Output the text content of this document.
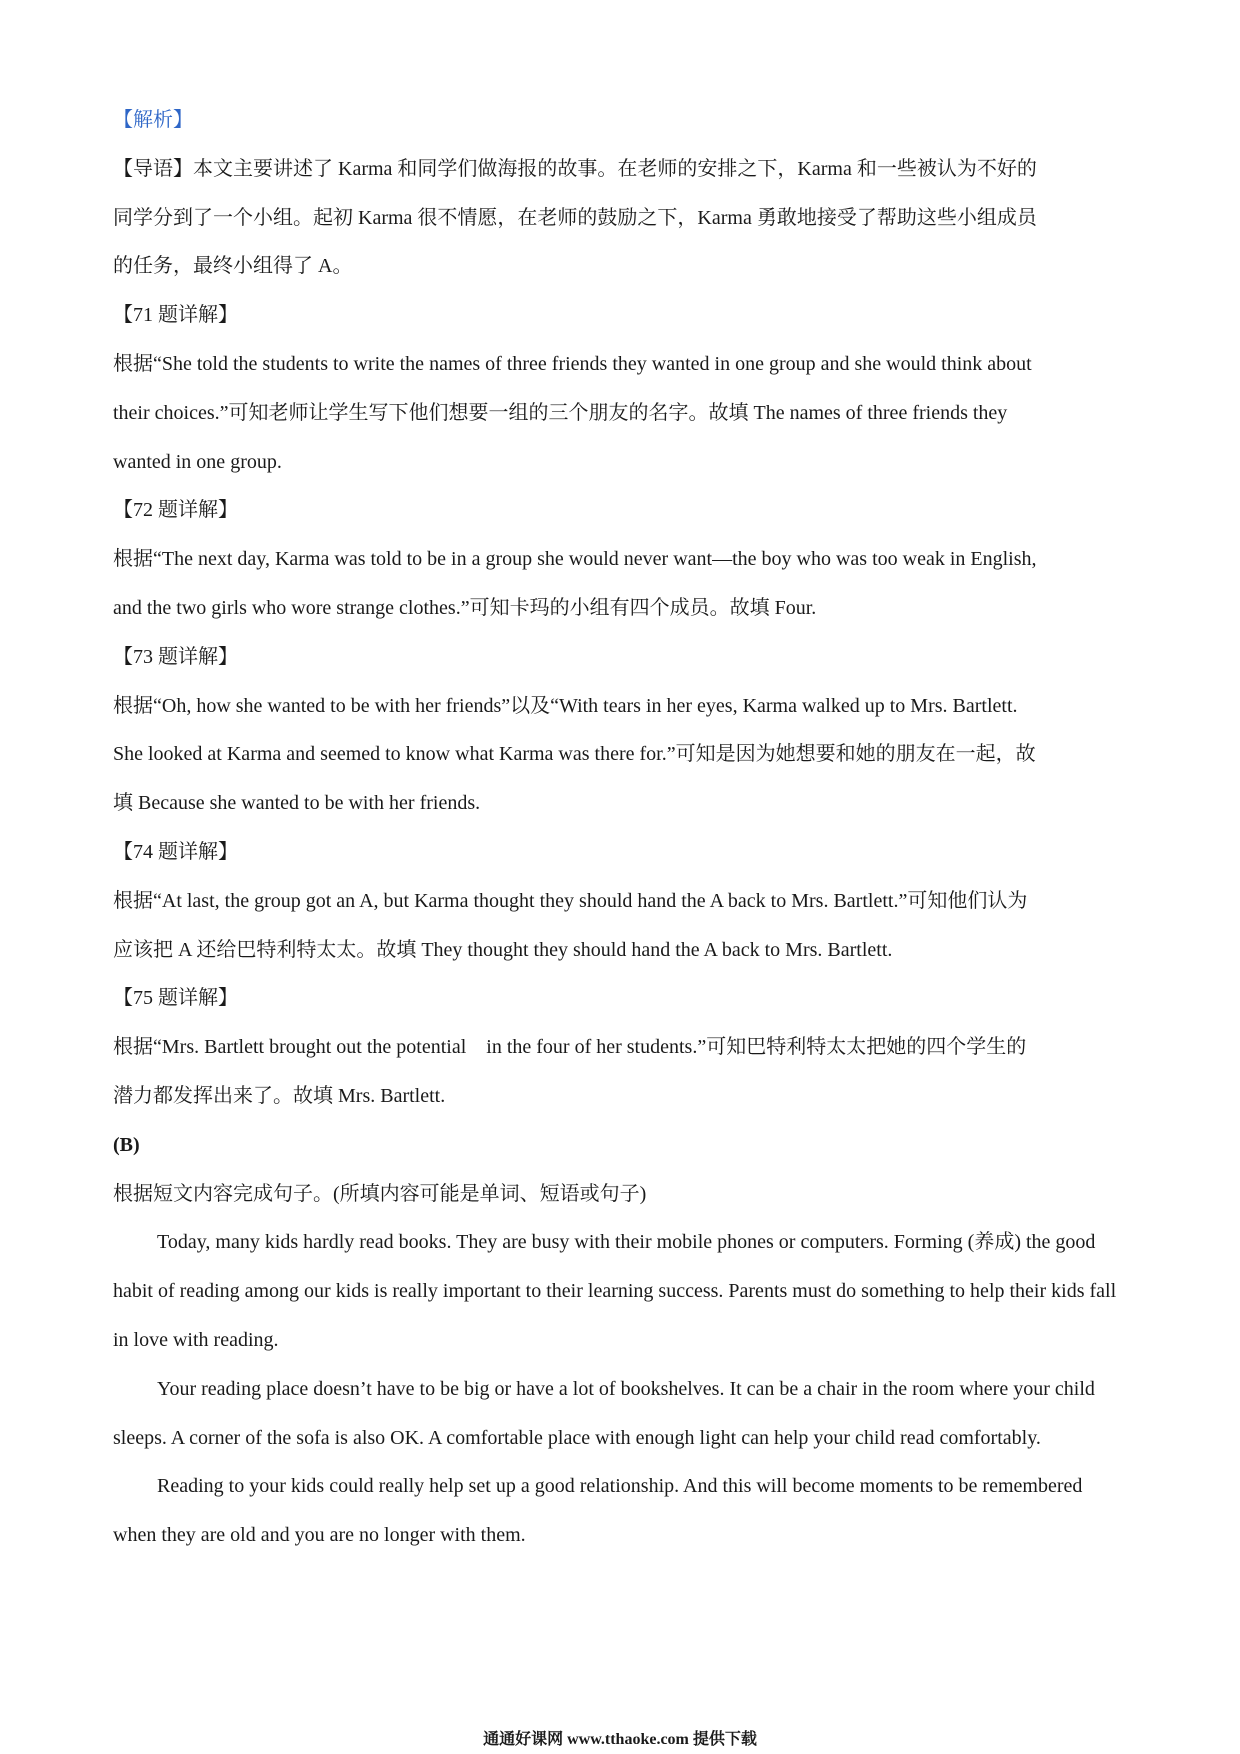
【解析】

【导语】本文主要讲述了 Karma 和同学们做海报的故事。在老师的安排之下，Karma 和一些被认为不好的

同学分到了一个小组。起初 Karma 很不情愿，在老师的鼓励之下，Karma 勇敢地接受了帮助这些小组成员

的任务，最终小组得了 A。

【71 题详解】

根据“She told the students to write the names of three friends they wanted in one group and she would think about

their choices.”可知老师让学生写下他们想要一组的三个朋友的名字。故填 The names of three friends they

wanted in one group.

【72 题详解】

根据“The next day, Karma was told to be in a group she would never want—the boy who was too weak in English,

and the two girls who wore strange clothes.”可知卡玛的小组有四个成员。故填 Four.

【73 题详解】

根据“Oh, how she wanted to be with her friends”以及“With tears in her eyes, Karma walked up to Mrs. Bartlett.

She looked at Karma and seemed to know what Karma was there for.”可知是因为她想要和她的朋友在一起，故

填 Because she wanted to be with her friends.

【74 题详解】

根据“At last, the group got an A, but Karma thought they should hand the A back to Mrs. Bartlett.”可知他们认为

应该把 A 还给巴特利特太太。故填 They thought they should hand the A back to Mrs. Bartlett.

【75 题详解】

根据“Mrs. Bartlett brought out the potential　in the four of her students.”可知巴特利特太太把她的四个学生的

潜力都发挥出来了。故填 Mrs. Bartlett.

(B)

根据短文内容完成句子。(所填内容可能是单词、短语或句子)

Today, many kids hardly read books. They are busy with their mobile phones or computers. Forming (养成) the good habit of reading among our kids is really important to their learning success. Parents must do something to help their kids fall in love with reading.

Your reading place doesn’t have to be big or have a lot of bookshelves. It can be a chair in the room where your child sleeps. A corner of the sofa is also OK. A comfortable place with enough light can help your child read comfortably.

Reading to your kids could really help set up a good relationship. And this will become moments to be remembered when they are old and you are no longer with them.

通通好课网 www.tthaoke.com 提供下载
